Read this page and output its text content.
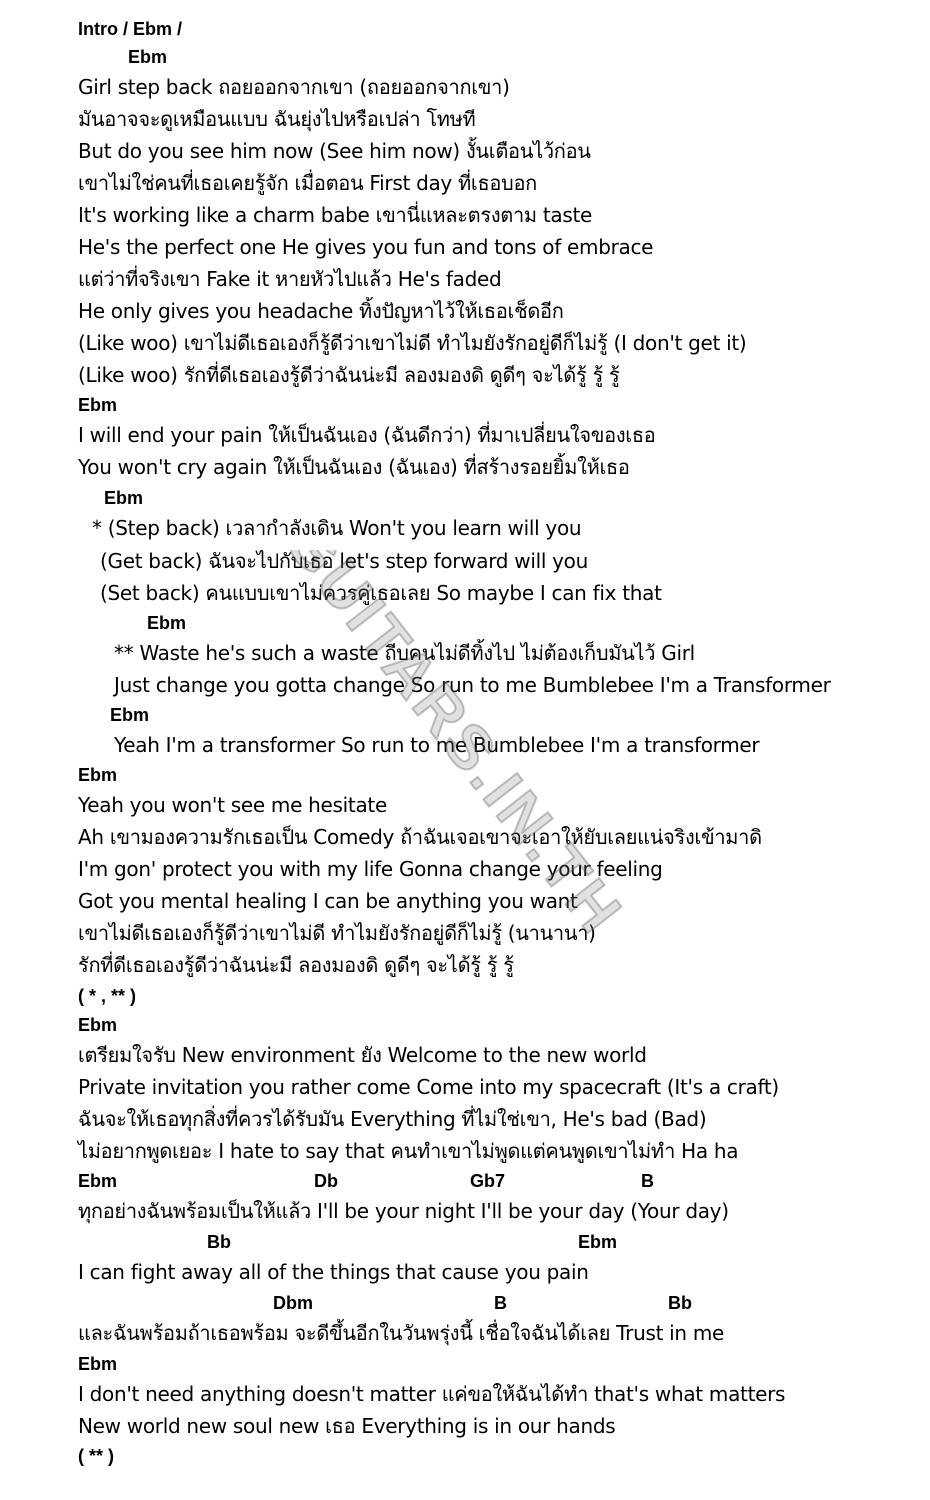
Intro / Ebm /
Ebm
Girl step back ถอยออกจากเขา (ถอยออกจากเขา)
มันอาจจะดูเหมือนแบบ ฉันยุ่งไปหรือเปล่า โทษที
But do you see him now (See him now) งั้นเตือนไว้ก่อน
เขาไม่ใช่คนที่เธอเคยรู้จัก เมื่อตอน First day ที่เธอบอก
It's working like a charm babe เขานี่แหละตรงตาม taste
He's the perfect one He gives you fun and tons of embrace
แต่ว่าที่จริงเขา Fake it หายหัวไปแล้ว He's faded
He only gives you headache ทิ้งปัญหาไว้ให้เธอเช็ดอีก
(Like woo) เขาไม่ดีเธอเองก็รู้ดีว่าเขาไม่ดี ทำไมยังรักอยู่ดีก็ไม่รู้ (I don't get it)
(Like woo) รักที่ดีเธอเองรู้ดีว่าฉันน่ะมี ลองมองดิ ดูดีๆ จะได้รู้ รู้ รู้
Ebm
I will end your pain ให้เป็นฉันเอง (ฉันดีกว่า) ที่มาเปลี่ยนใจของเธอ
You won't cry again ให้เป็นฉันเอง (ฉันเอง) ที่สร้างรอยยิ้มให้เธอ
Ebm
* (Step back) เวลากำลังเดิน Won't you learn will you
(Get back) ฉันจะไปกับเธอ let's step forward will you
(Set back) คนแบบเขาไม่ควรคู่เธอเลย So maybe I can fix that
Ebm
** Waste he's such a waste ถีบคนไม่ดีทิ้งไป ไม่ต้องเก็บมันไว้ Girl
Just change you gotta change So run to me Bumblebee I'm a Transformer
Ebm
Yeah I'm a transformer So run to me Bumblebee I'm a transformer
Ebm
Yeah you won't see me hesitate
Ah เขามองความรักเธอเป็น Comedy ถ้าฉันเจอเขาจะเอาให้ยับเลยแน่จริงเข้ามาดิ
I'm gon' protect you with my life Gonna change your feeling
Got you mental healing I can be anything you want
เขาไม่ดีเธอเองก็รู้ดีว่าเขาไม่ดี ทำไมยังรักอยู่ดีก็ไม่รู้ (นานานา)
รักที่ดีเธอเองรู้ดีว่าฉันน่ะมี ลองมองดิ ดูดีๆ จะได้รู้ รู้ รู้
( * , ** )
Ebm
เตรียมใจรับ New environment ยัง Welcome to the new world
Private invitation you rather come Come into my spacecraft (It's a craft)
ฉันจะให้เธอทุกสิ่งที่ควรได้รับมัน Everything ที่ไม่ใช่เขา, He's bad (Bad)
ไม่อยากพูดเยอะ I hate to say that คนทำเขาไม่พูดแต่คนพูดเขาไม่ทำ Ha ha
Ebm	Db	Gb7	B
ทุกอย่างฉันพร้อมเป็นให้แล้ว I'll be your night I'll be your day (Your day)
Bb	Ebm
I can fight away all of the things that cause you pain
Dbm	B	Bb
และฉันพร้อมถ้าเธอพร้อม จะดีขึ้นอีกในวันพรุ่งนี้ เชื่อใจฉันได้เลย Trust in me
Ebm
I don't need anything doesn't matter แค่ขอให้ฉันได้ทำ that's what matters
New world new soul new เธอ Everything is in our hands
( ** )
